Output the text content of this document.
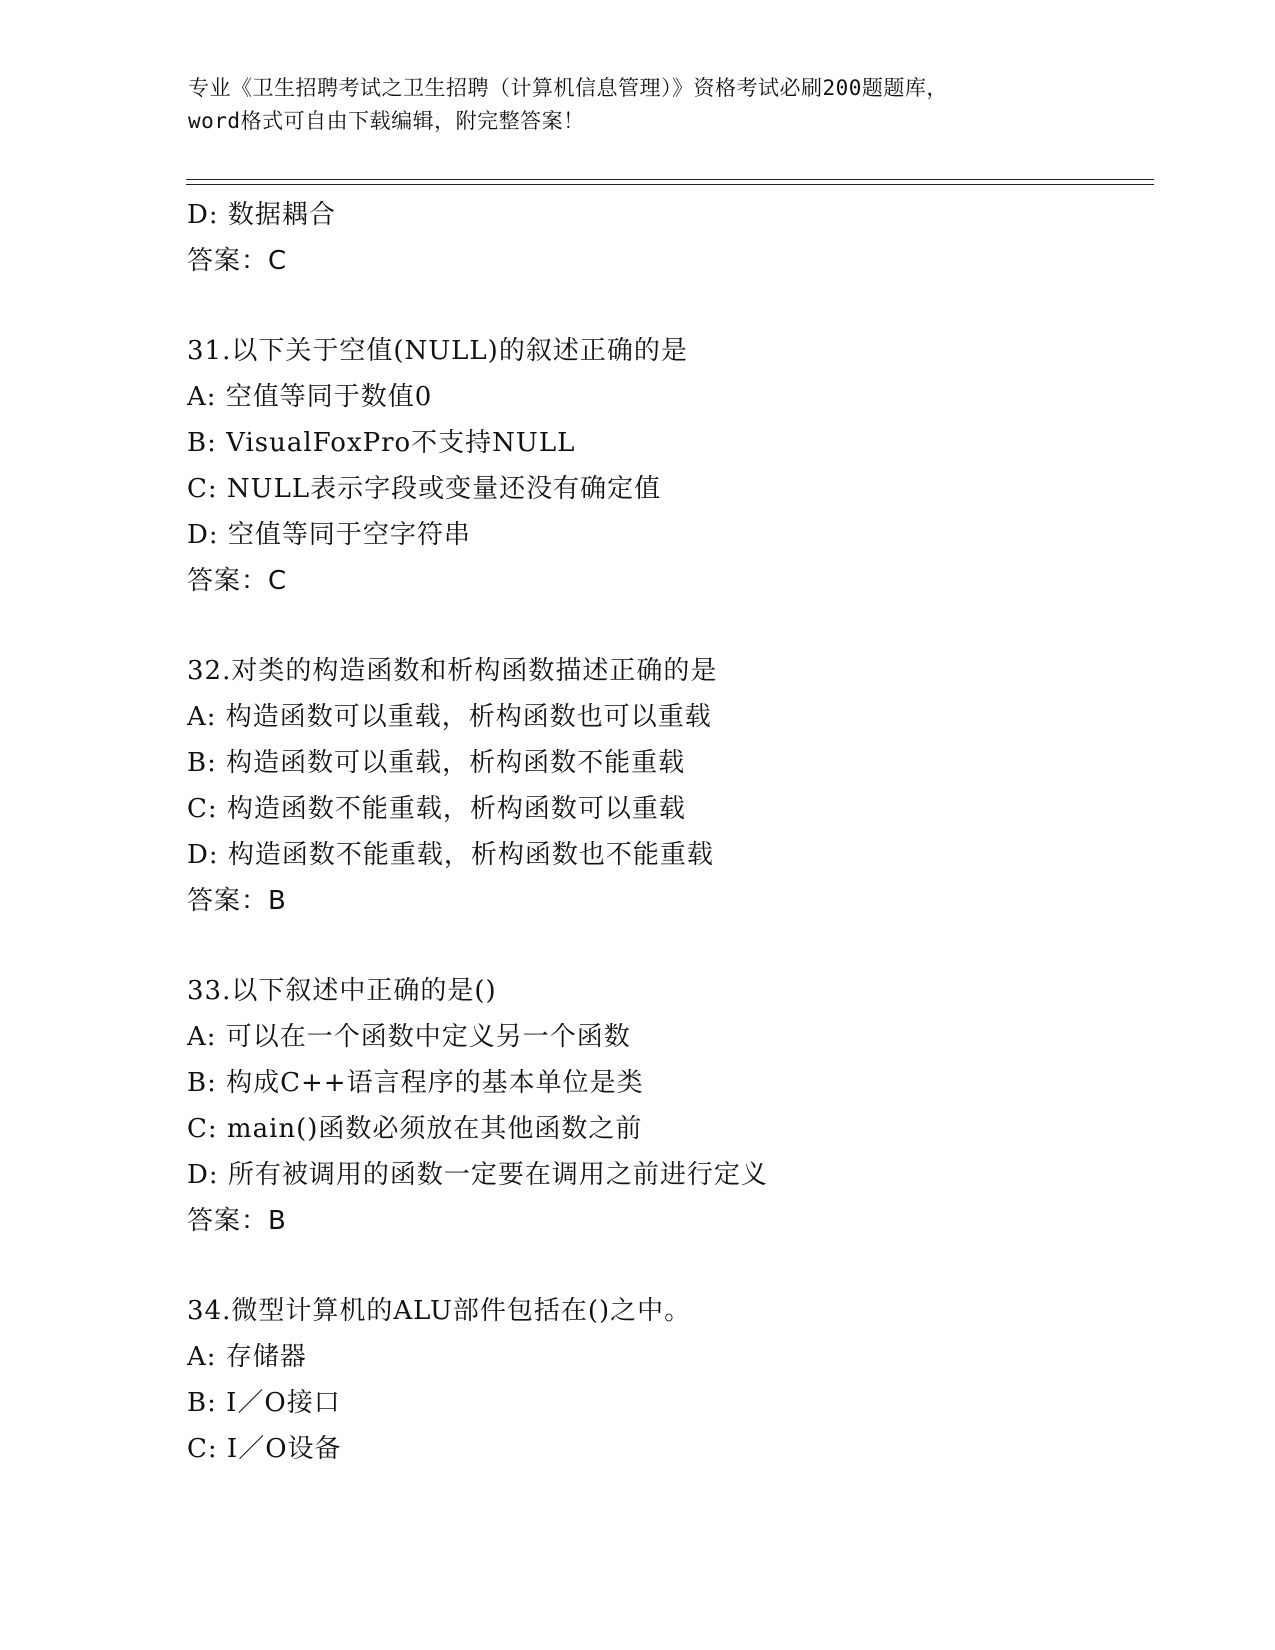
专业《卫生招聘考试之卫生招聘（计算机信息管理）》资格考试必刷200题题库，

word格式可自由下载编辑，附完整答案！

D: 数据耦合
答案：C
31.以下关于空值(NULL)的叙述正确的是
A: 空值等同于数值0
B: VisualFoxPro不支持NULL
C: NULL表示字段或变量还没有确定值
D: 空值等同于空字符串
答案：C
32.对类的构造函数和析构函数描述正确的是
A: 构造函数可以重载，析构函数也可以重载
B: 构造函数可以重载，析构函数不能重载
C: 构造函数不能重载，析构函数可以重载
D: 构造函数不能重载，析构函数也不能重载
答案：B
33.以下叙述中正确的是()
A: 可以在一个函数中定义另一个函数
B: 构成C++语言程序的基本单位是类
C: main()函数必须放在其他函数之前
D: 所有被调用的函数一定要在调用之前进行定义
答案：B
34.微型计算机的ALU部件包括在()之中。
A: 存储器
B: I／O接口
C: I／O设备
